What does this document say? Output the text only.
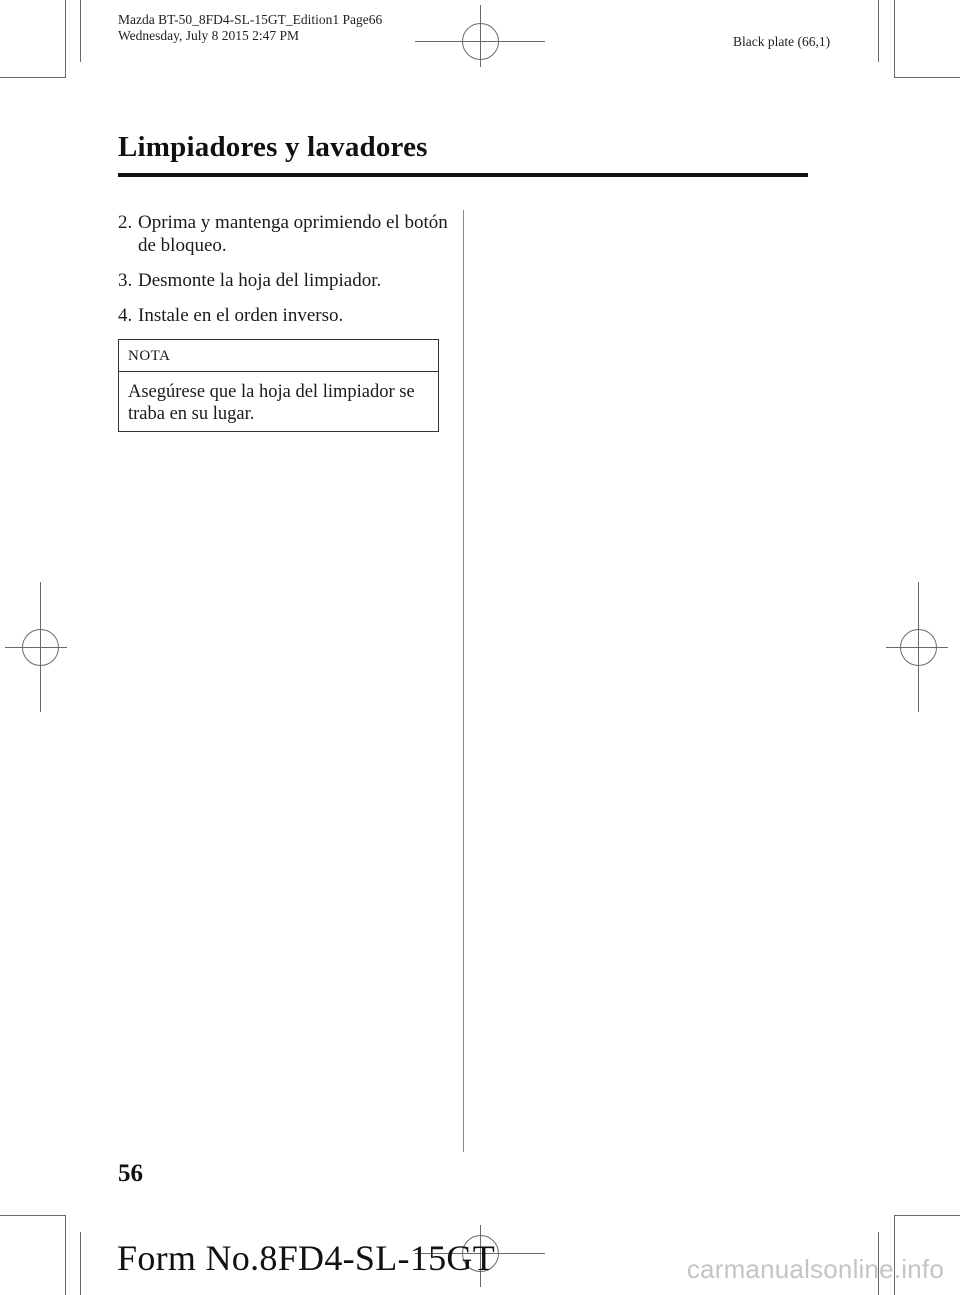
Mazda BT-50_8FD4-SL-15GT_Edition1 Page66
Wednesday, July 8 2015 2:47 PM	Black plate (66,1)
Limpiadores y lavadores
2. Oprima y mantenga oprimiendo el botón de bloqueo.
3. Desmonte la hoja del limpiador.
4. Instale en el orden inverso.
NOTA
Asegúrese que la hoja del limpiador se traba en su lugar.
56
Form No.8FD4-SL-15GT	carmanualsonline.info
